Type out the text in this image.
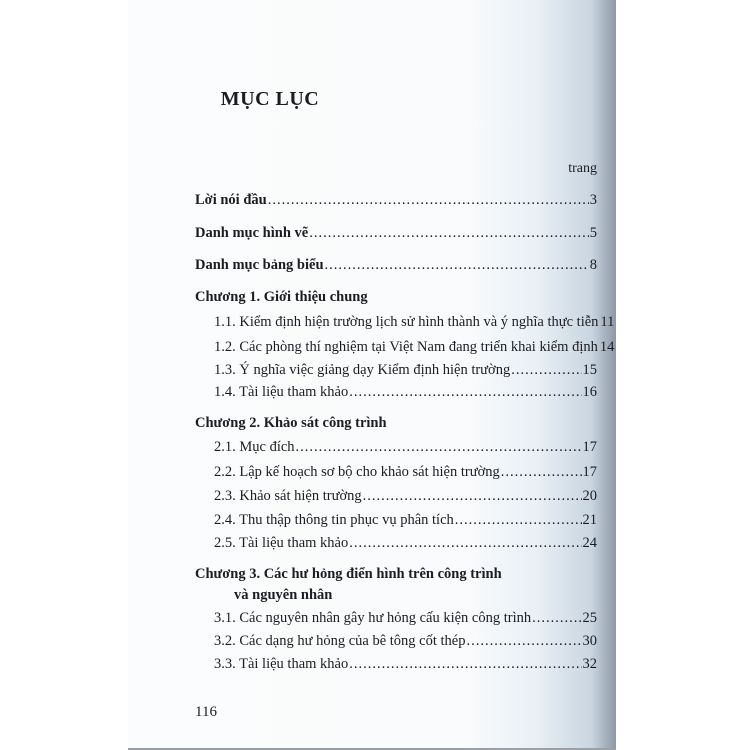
MỤC LỤC
trang
Lời nói đầu .....	3
Danh mục hình vẽ .....	5
Danh mục bảng biểu .....	8
Chương 1. Giới thiệu chung
1.1. Kiểm định hiện trường lịch sử hình thành và ý nghĩa thực tiễn 11
1.2. Các phòng thí nghiệm tại Việt Nam đang triển khai kiểm định 14
1.3. Ý nghĩa việc giảng dạy Kiểm định hiện trường .....	15
1.4. Tài liệu tham khảo .....	16
Chương 2. Khảo sát công trình
2.1. Mục đích .....	17
2.2. Lập kế hoạch sơ bộ cho khảo sát hiện trường .....	17
2.3. Khảo sát hiện trường .....	20
2.4. Thu thập thông tin phục vụ phân tích .....	21
2.5. Tài liệu tham khảo .....	24
Chương 3. Các hư hỏng điển hình trên công trình
và nguyên nhân
3.1. Các nguyên nhân gây hư hỏng cấu kiện công trình .....	25
3.2. Các dạng hư hỏng của bê tông cốt thép .....	30
3.3. Tài liệu tham khảo .....	32
116
